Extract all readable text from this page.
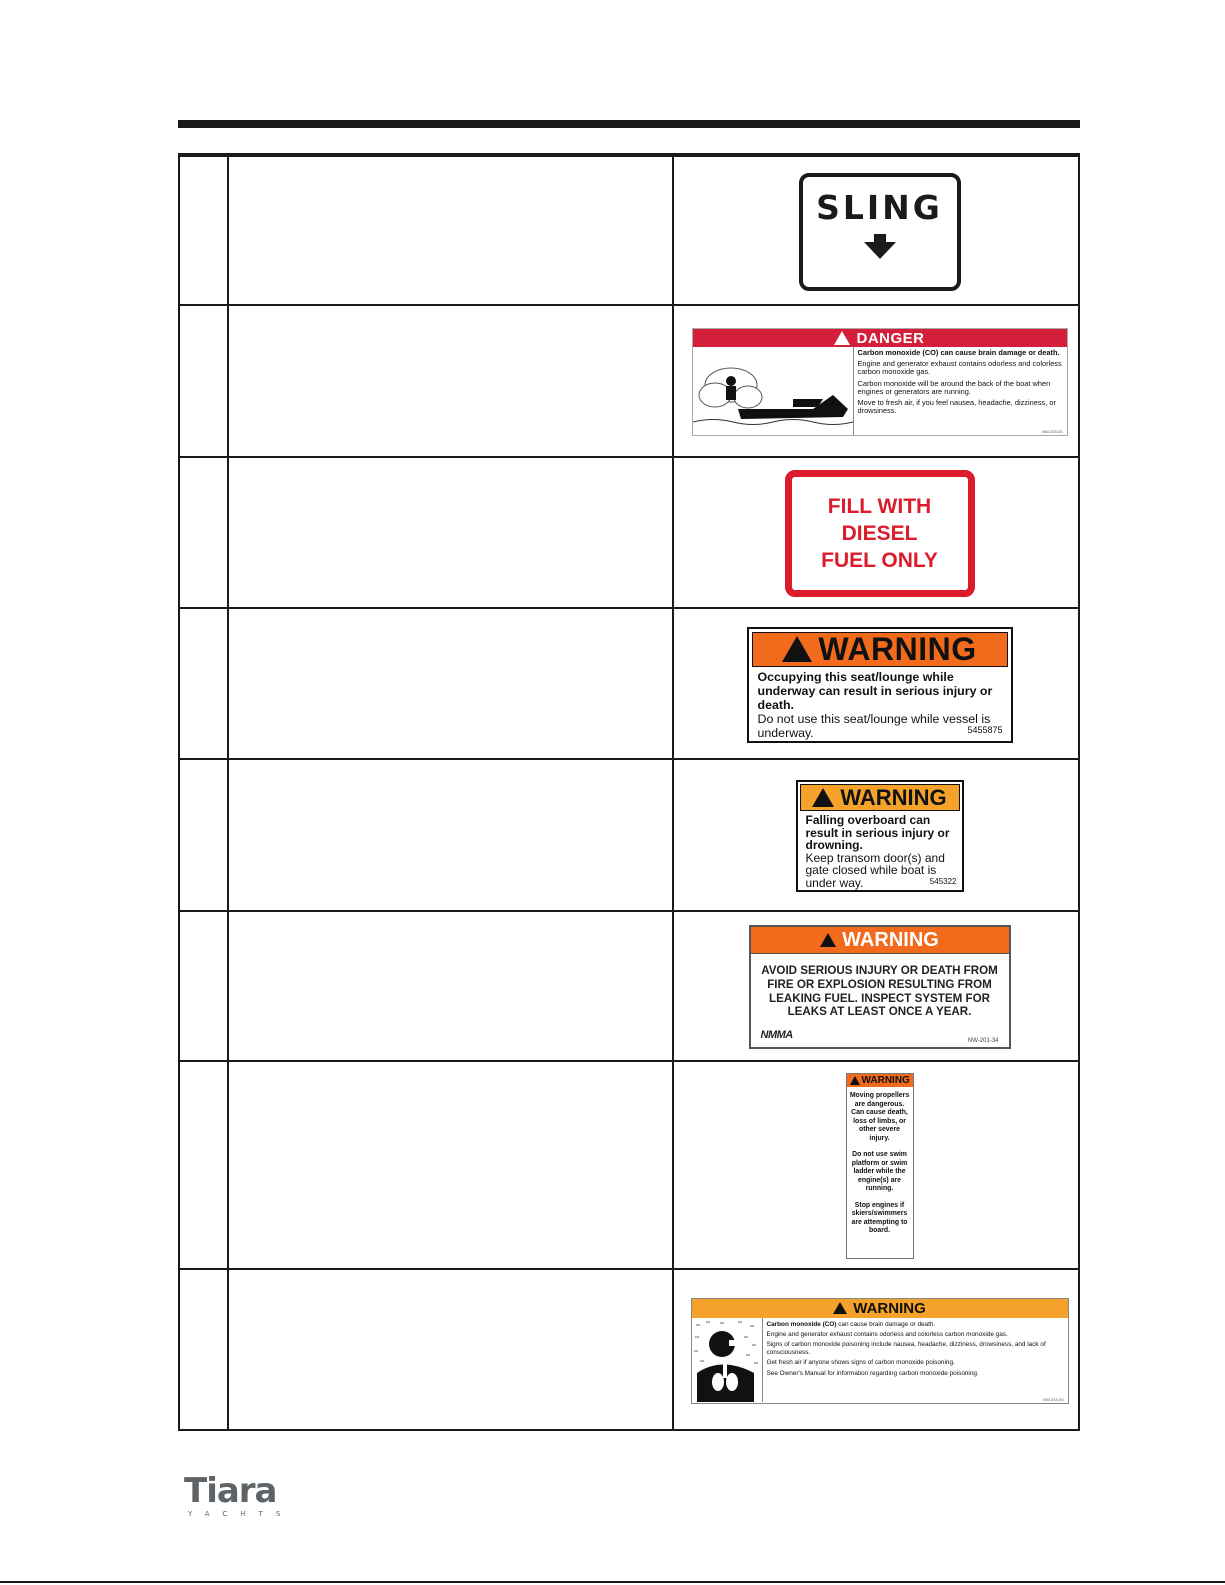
SLING
DANGER

Carbon monoxide (CO) can cause brain damage or death.

Engine and generator exhaust contains odorless and colorless carbon monoxide gas.

Carbon monoxide will be around the back of the boat when engines or generators are running.

Move to fresh air, if you feel nausea, headache, dizziness, or drowsiness.

NW-233-03
FILL WITH
DIESEL
FUEL ONLY
WARNING
Occupying this seat/lounge while underway can result in serious injury or death.
Do not use this seat/lounge while vessel is underway.	5455875
WARNING
Falling overboard can result in serious injury or drowning.
Keep transom door(s) and gate closed while boat is under way.	545322
WARNING
AVOID SERIOUS INJURY OR DEATH FROM FIRE OR EXPLOSION RESULTING FROM LEAKING FUEL. INSPECT SYSTEM FOR LEAKS AT LEAST ONCE A YEAR.
NMMA	NW-201-34
WARNING

Moving propellers are dangerous. Can cause death, loss of limbs, or other severe injury.

Do not use swim platform or swim ladder while the engine(s) are running.

Stop engines if skiers/swimmers are attempting to board.

WARNING
co
co co	co
co
co	co
co
co
co
co	co

Carbon monoxide (CO) can cause brain damage or death.

Engine and generator exhaust contains odorless and colorless carbon monoxide gas.

Signs of carbon monoxide poisoning include nausea, headache, dizziness, drowsiness, and lack of consciousness.

Get fresh air if anyone shows signs of carbon monoxide poisoning.

See Owner's Manual for information regarding carbon monoxide poisoning.

NW-234-00
Tiara
YACHTS
